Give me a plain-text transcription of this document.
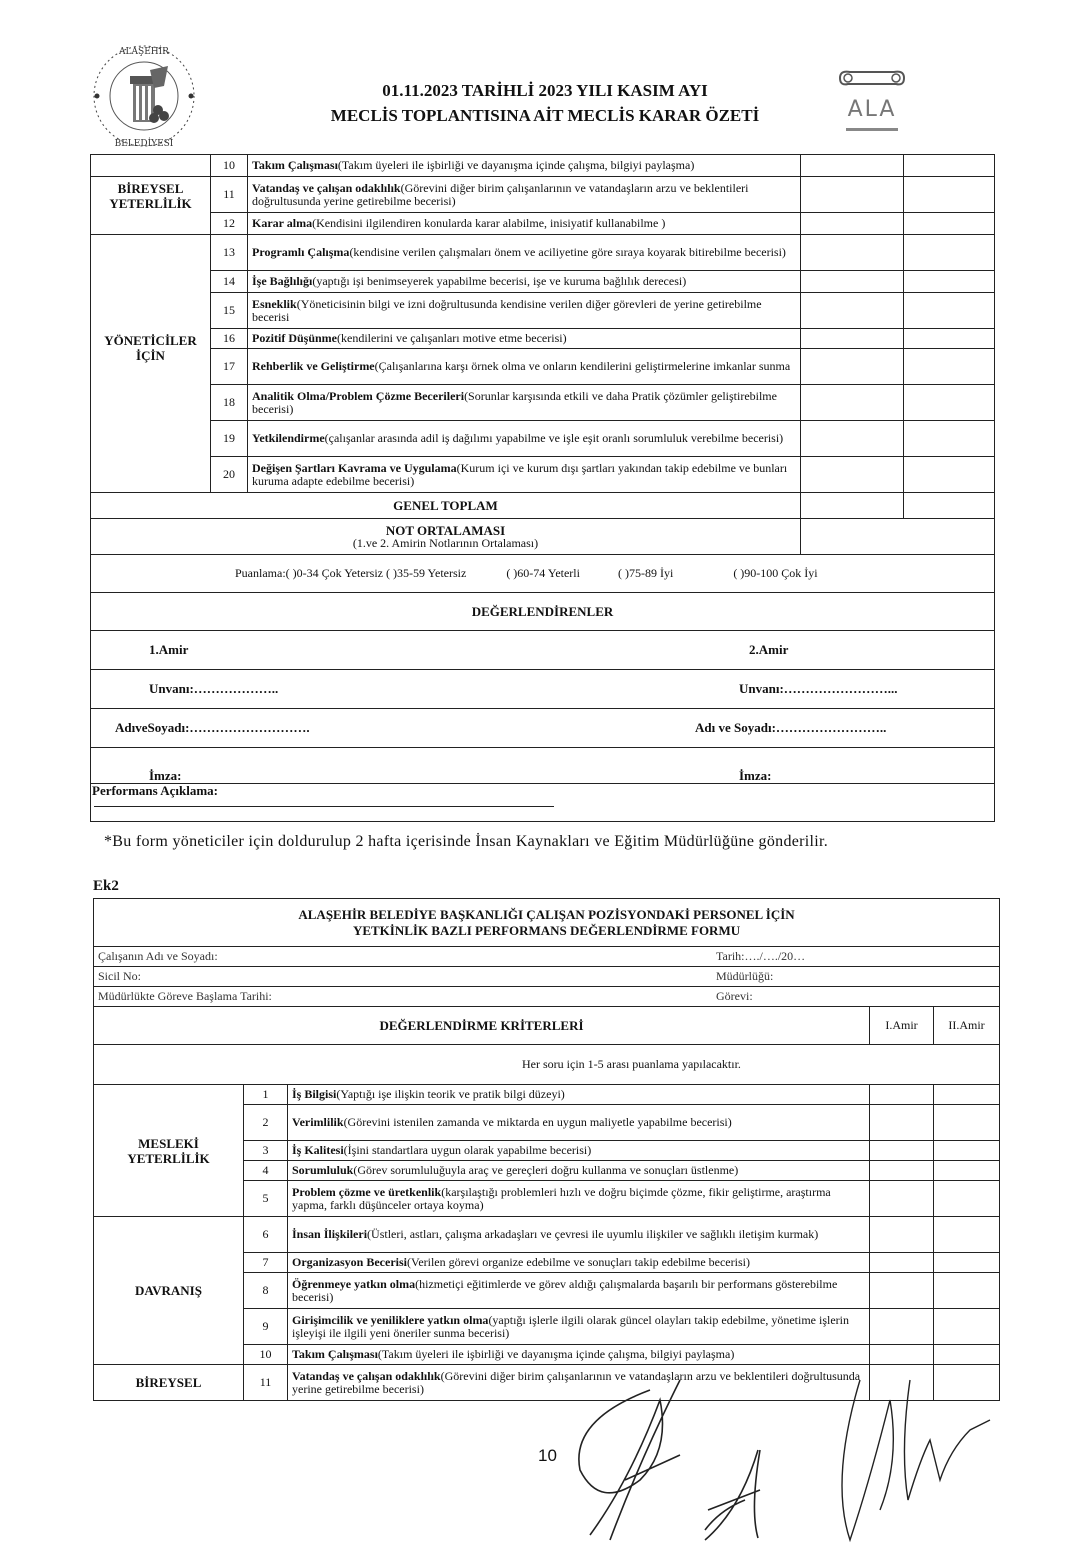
ALAŞEHİR
BELEDİYESİ
01.11.2023 TARİHLİ 2023 YILI KASIM AYI
MECLİS TOPLANTISINA AİT MECLİS KARAR ÖZETİ	ALA
	10	Takım Çalışması(Takım üyeleri ile işbirliği ve dayanışma içinde çalışma, bilgiyi paylaşma)		
BİREYSEL YETERLİLİK	11	Vatandaş ve çalışan odaklılık(Görevini diğer birim çalışanlarının ve vatandaşların arzu ve beklentileri doğrultusunda yerine getirebilme becerisi)		
	12	Karar alma(Kendisini ilgilendiren konularda karar alabilme, inisiyatif kullanabilme )		
YÖNETİCİLER İÇİN	13	Programlı Çalışma(kendisine verilen çalışmaları önem ve aciliyetine göre sıraya koyarak bitirebilme becerisi)		
	14	İşe Bağlılığı(yaptığı işi benimseyerek yapabilme becerisi, işe ve kuruma bağlılık derecesi)		
	15	Esneklik(Yöneticisinin bilgi ve izni doğrultusunda kendisine verilen diğer görevleri de yerine getirebilme becerisi		
	16	Pozitif Düşünme(kendilerini ve çalışanları motive etme becerisi)		
	17	Rehberlik ve Geliştirme(Çalışanlarına karşı örnek olma ve onların kendilerini geliştirmelerine imkanlar sunma		
	18	Analitik Olma/Problem Çözme Becerileri(Sorunlar karşısında etkili ve daha Pratik çözümler geliştirebilme becerisi)		
	19	Yetkilendirme(çalışanlar arasında adil iş dağılımı yapabilme ve işle eşit oranlı sorumluluk verebilme becerisi)		
	20	Değişen Şartları Kavrama ve Uygulama(Kurum içi ve kurum dışı şartları yakından takip edebilme ve bunları kuruma adapte edebilme becerisi)		
GENEL TOPLAM				

NOT ORTALAMASI
(1.ve 2. Amirin Notlarının Ortalaması)				

Puanlama:( )0-34 Çok Yetersiz ( )35-59 Yetersiz ( )60-74 Yeterli ( )75-89 İyi ( )90-100 Çok İyi				
DEĞERLENDİRENLER				
1.Amir 2.Amir				
Unvanı:……………….. Unvanı:……………………...				
AdıveSoyadı:………………………. Adı ve Soyadı:……………………..				
İmza: İmza:				
Performans Açıklama:				
*Bu form yöneticiler için doldurulup 2 hafta içerisinde İnsan Kaynakları ve Eğitim Müdürlüğüne gönderilir.
Ek2
ALAŞEHİR BELEDİYE BAŞKANLIĞI ÇALIŞAN POZİSYONDAKİ PERSONEL İÇİN
YETKİNLİK BAZLI PERFORMANS DEĞERLENDİRME FORMU				

Çalışanın Adı ve Soyadı: Tarih:…./…./20…				
Sicil No: Müdürlüğü:				
Müdürlükte Göreve Başlama Tarihi: Görevi:				
DEĞERLENDİRME KRİTERLERİ			I.Amir	II.Amir
Her soru için 1-5 arası puanlama yapılacaktır.				
MESLEKİ YETERLİLİK	1	İş Bilgisi(Yaptığı işe ilişkin teorik ve pratik bilgi düzeyi)		
	2	Verimlilik(Görevini istenilen zamanda ve miktarda en uygun maliyetle yapabilme becerisi)		
	3	İş Kalitesi(İşini standartlara uygun olarak yapabilme becerisi)		
	4	Sorumluluk(Görev sorumluluğuyla araç ve gereçleri doğru kullanma ve sonuçları üstlenme)		
	5	Problem çözme ve üretkenlik(karşılaştığı problemleri hızlı ve doğru biçimde çözme, fikir geliştirme, araştırma yapma, farklı düşünceler ortaya koyma)		
DAVRANIŞ	6	İnsan İlişkileri(Üstleri, astları, çalışma arkadaşları ve çevresi ile uyumlu ilişkiler ve sağlıklı iletişim kurmak)		
	7	Organizasyon Becerisi(Verilen görevi organize edebilme ve sonuçları takip edebilme becerisi)		
	8	Öğrenmeye yatkın olma(hizmetiçi eğitimlerde ve görev aldığı çalışmalarda başarılı bir performans gösterebilme becerisi)		
	9	Girişimcilik ve yeniliklere yatkın olma(yaptığı işlerle ilgili olarak güncel olayları takip edebilme, yönetime işlerin işleyişi ile ilgili yeni öneriler sunma becerisi)		
	10	Takım Çalışması(Takım üyeleri ile işbirliği ve dayanışma içinde çalışma, bilgiyi paylaşma)		
BİREYSEL	11	Vatandaş ve çalışan odaklılık(Görevini diğer birim çalışanlarının ve vatandaşların arzu ve beklentileri doğrultusunda yerine getirebilme becerisi)		
10
